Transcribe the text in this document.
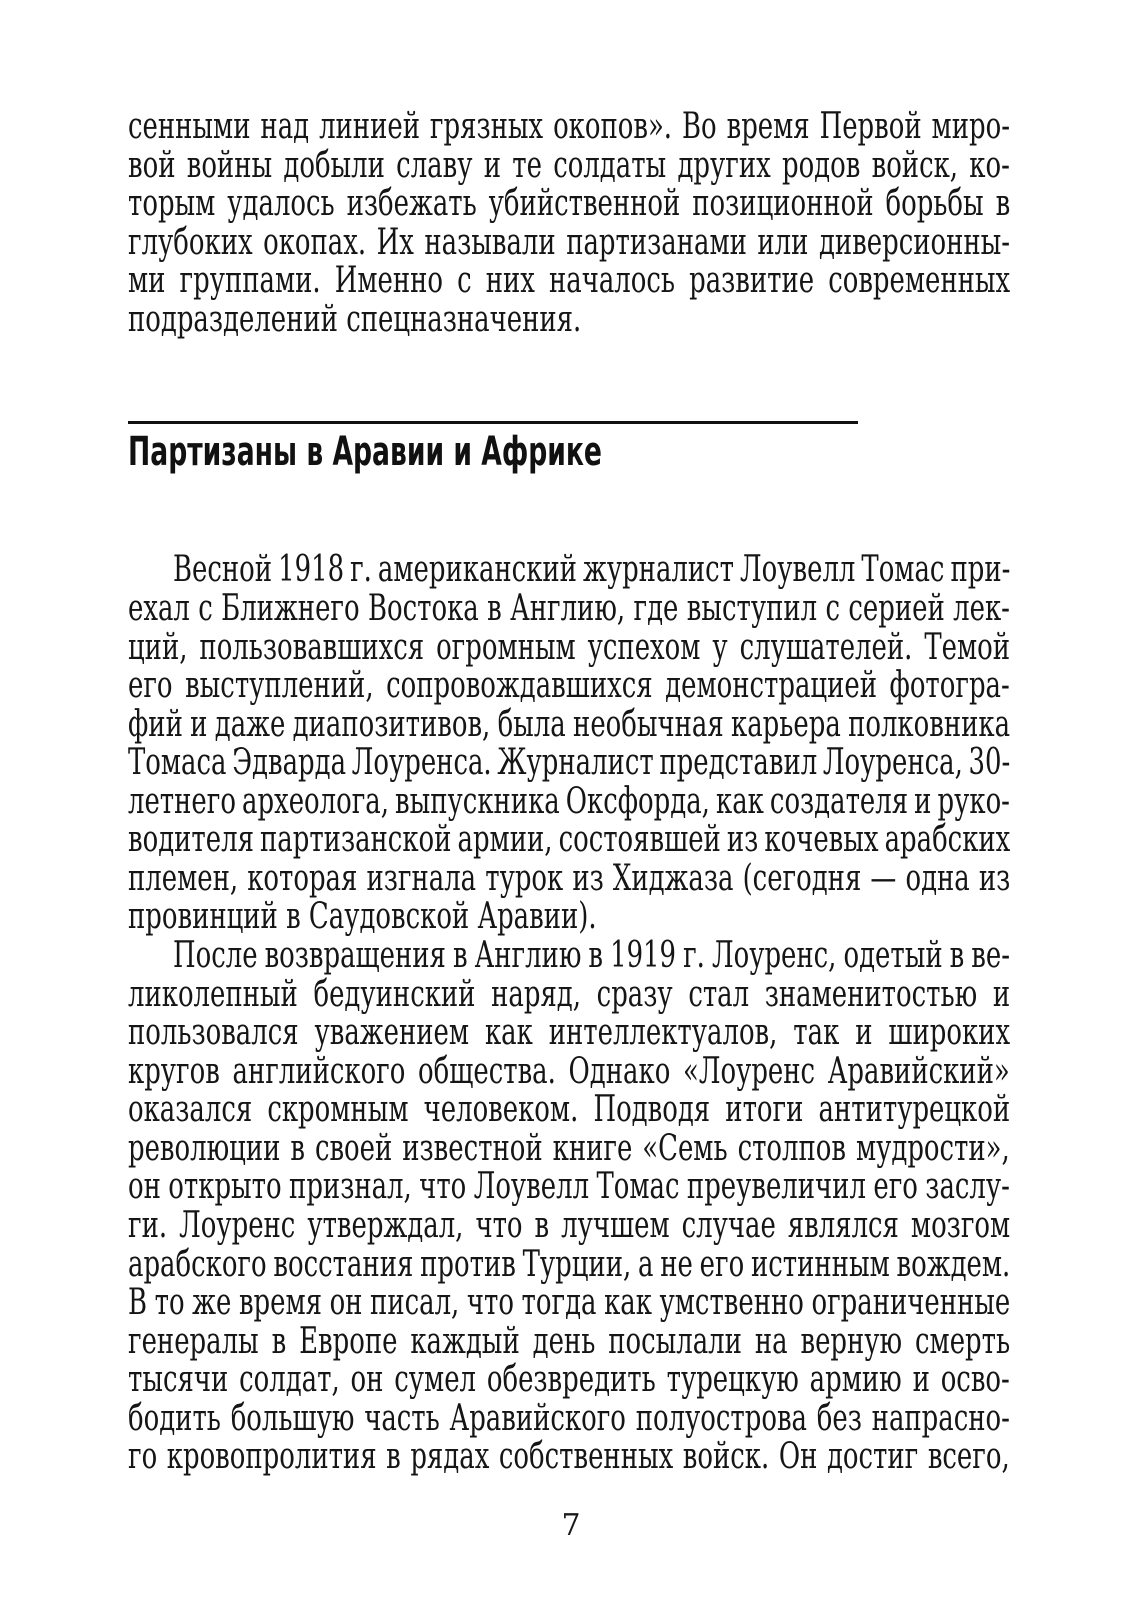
сенными над линией грязных окопов». Во время Первой миро-
вой войны добыли славу и те солдаты других родов войск, ко-
торым удалось избежать убийственной позиционной борьбы в
глубоких окопах. Их называли партизанами или диверсионны-
ми группами. Именно с них началось развитие современных
подразделений спецназначения.
Партизаны в Аравии и Африке
Весной 1918 г. американский журналист Лоувелл Томас при-
ехал с Ближнего Востока в Англию, где выступил с серией лек-
ций, пользовавшихся огромным успехом у слушателей. Темой
его выступлений, сопровождавшихся демонстрацией фотогра-
фий и даже диапозитивов, была необычная карьера полковника
Томаса Эдварда Лоуренса. Журналист представил Лоуренса, 30-
летнего археолога, выпускника Оксфорда, как создателя и руко-
водителя партизанской армии, состоявшей из кочевых арабских
племен, которая изгнала турок из Хиджаза (сегодня — одна из
провинций в Саудовской Аравии).
После возвращения в Англию в 1919 г. Лоуренс, одетый в ве-
ликолепный бедуинский наряд, сразу стал знаменитостью и
пользовался уважением как интеллектуалов, так и широких
кругов английского общества. Однако «Лоуренс Аравийский»
оказался скромным человеком. Подводя итоги антитурецкой
революции в своей известной книге «Семь столпов мудрости»,
он открыто признал, что Лоувелл Томас преувеличил его заслу-
ги. Лоуренс утверждал, что в лучшем случае являлся мозгом
арабского восстания против Турции, а не его истинным вождем.
В то же время он писал, что тогда как умственно ограниченные
генералы в Европе каждый день посылали на верную смерть
тысячи солдат, он сумел обезвредить турецкую армию и осво-
бодить большую часть Аравийского полуострова без напрасно-
го кровопролития в рядах собственных войск. Он достиг всего,
7
